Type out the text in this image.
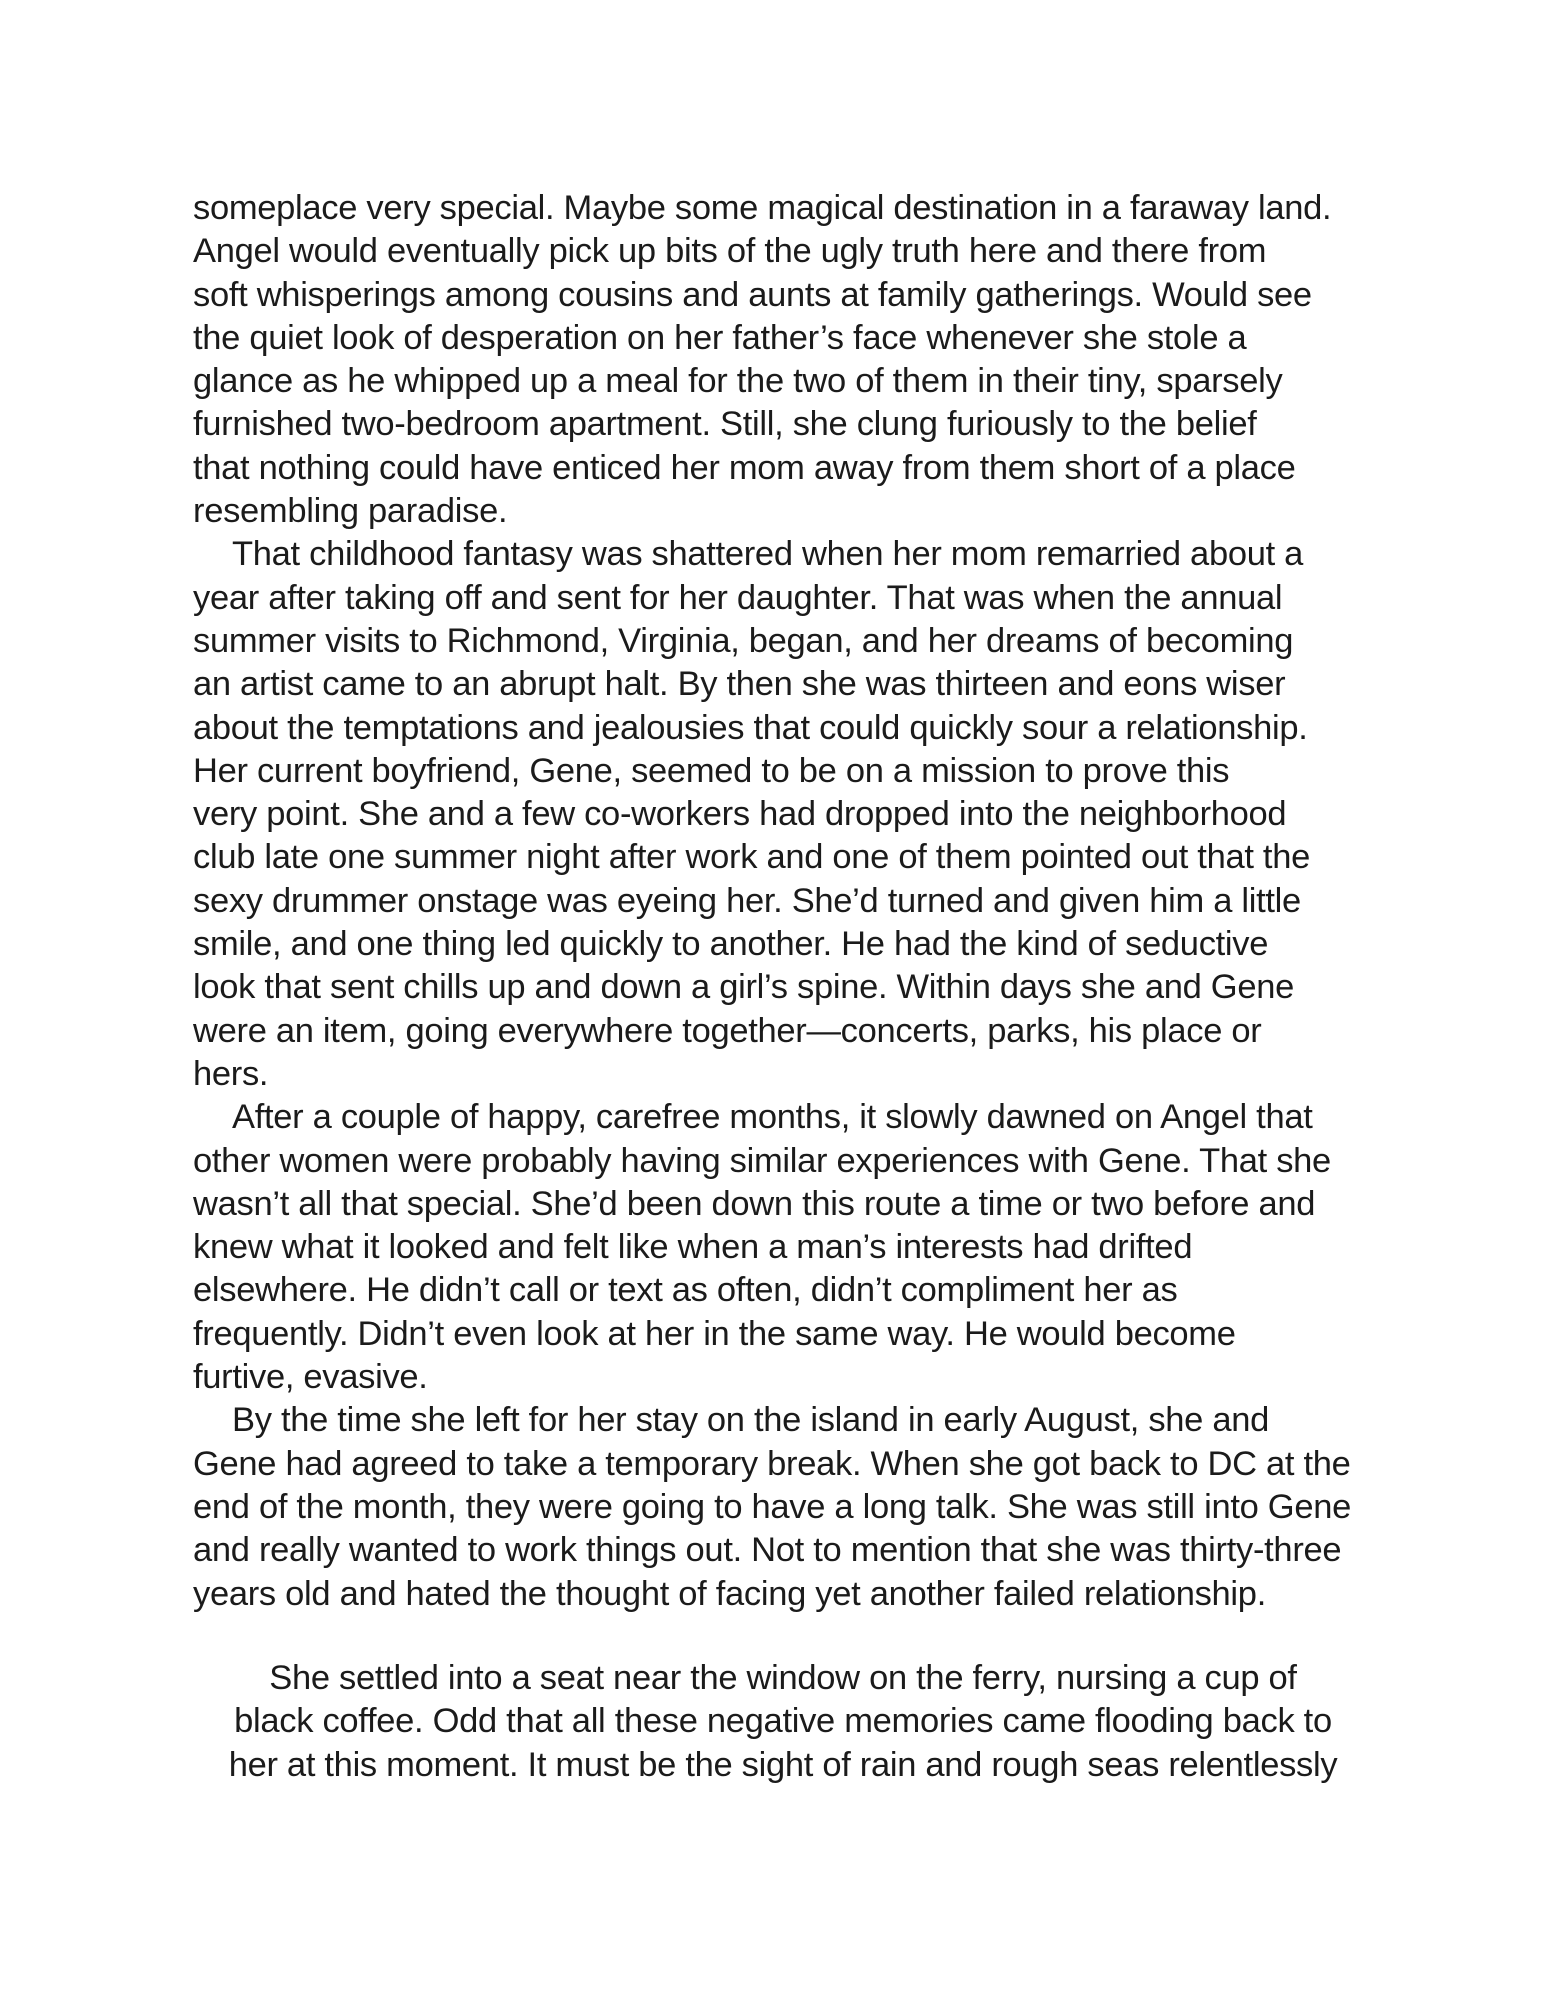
someplace very special. Maybe some magical destination in a faraway land.
Angel would eventually pick up bits of the ugly truth here and there from
soft whisperings among cousins and aunts at family gatherings. Would see
the quiet look of desperation on her father’s face whenever she stole a
glance as he whipped up a meal for the two of them in their tiny, sparsely
furnished two-bedroom apartment. Still, she clung furiously to the belief
that nothing could have enticed her mom away from them short of a place
resembling paradise.

That childhood fantasy was shattered when her mom remarried about a
year after taking off and sent for her daughter. That was when the annual
summer visits to Richmond, Virginia, began, and her dreams of becoming
an artist came to an abrupt halt. By then she was thirteen and eons wiser
about the temptations and jealousies that could quickly sour a relationship.
Her current boyfriend, Gene, seemed to be on a mission to prove this
very point. She and a few co-workers had dropped into the neighborhood
club late one summer night after work and one of them pointed out that the
sexy drummer onstage was eyeing her. She’d turned and given him a little
smile, and one thing led quickly to another. He had the kind of seductive
look that sent chills up and down a girl’s spine. Within days she and Gene
were an item, going everywhere together—concerts, parks, his place or
hers.

After a couple of happy, carefree months, it slowly dawned on Angel that
other women were probably having similar experiences with Gene. That she
wasn’t all that special. She’d been down this route a time or two before and
knew what it looked and felt like when a man’s interests had drifted
elsewhere. He didn’t call or text as often, didn’t compliment her as
frequently. Didn’t even look at her in the same way. He would become
furtive, evasive.

By the time she left for her stay on the island in early August, she and
Gene had agreed to take a temporary break. When she got back to DC at the
end of the month, they were going to have a long talk. She was still into Gene
and really wanted to work things out. Not to mention that she was thirty-three
years old and hated the thought of facing yet another failed relationship.

She settled into a seat near the window on the ferry, nursing a cup of
black coffee. Odd that all these negative memories came flooding back to
her at this moment. It must be the sight of rain and rough seas relentlessly
